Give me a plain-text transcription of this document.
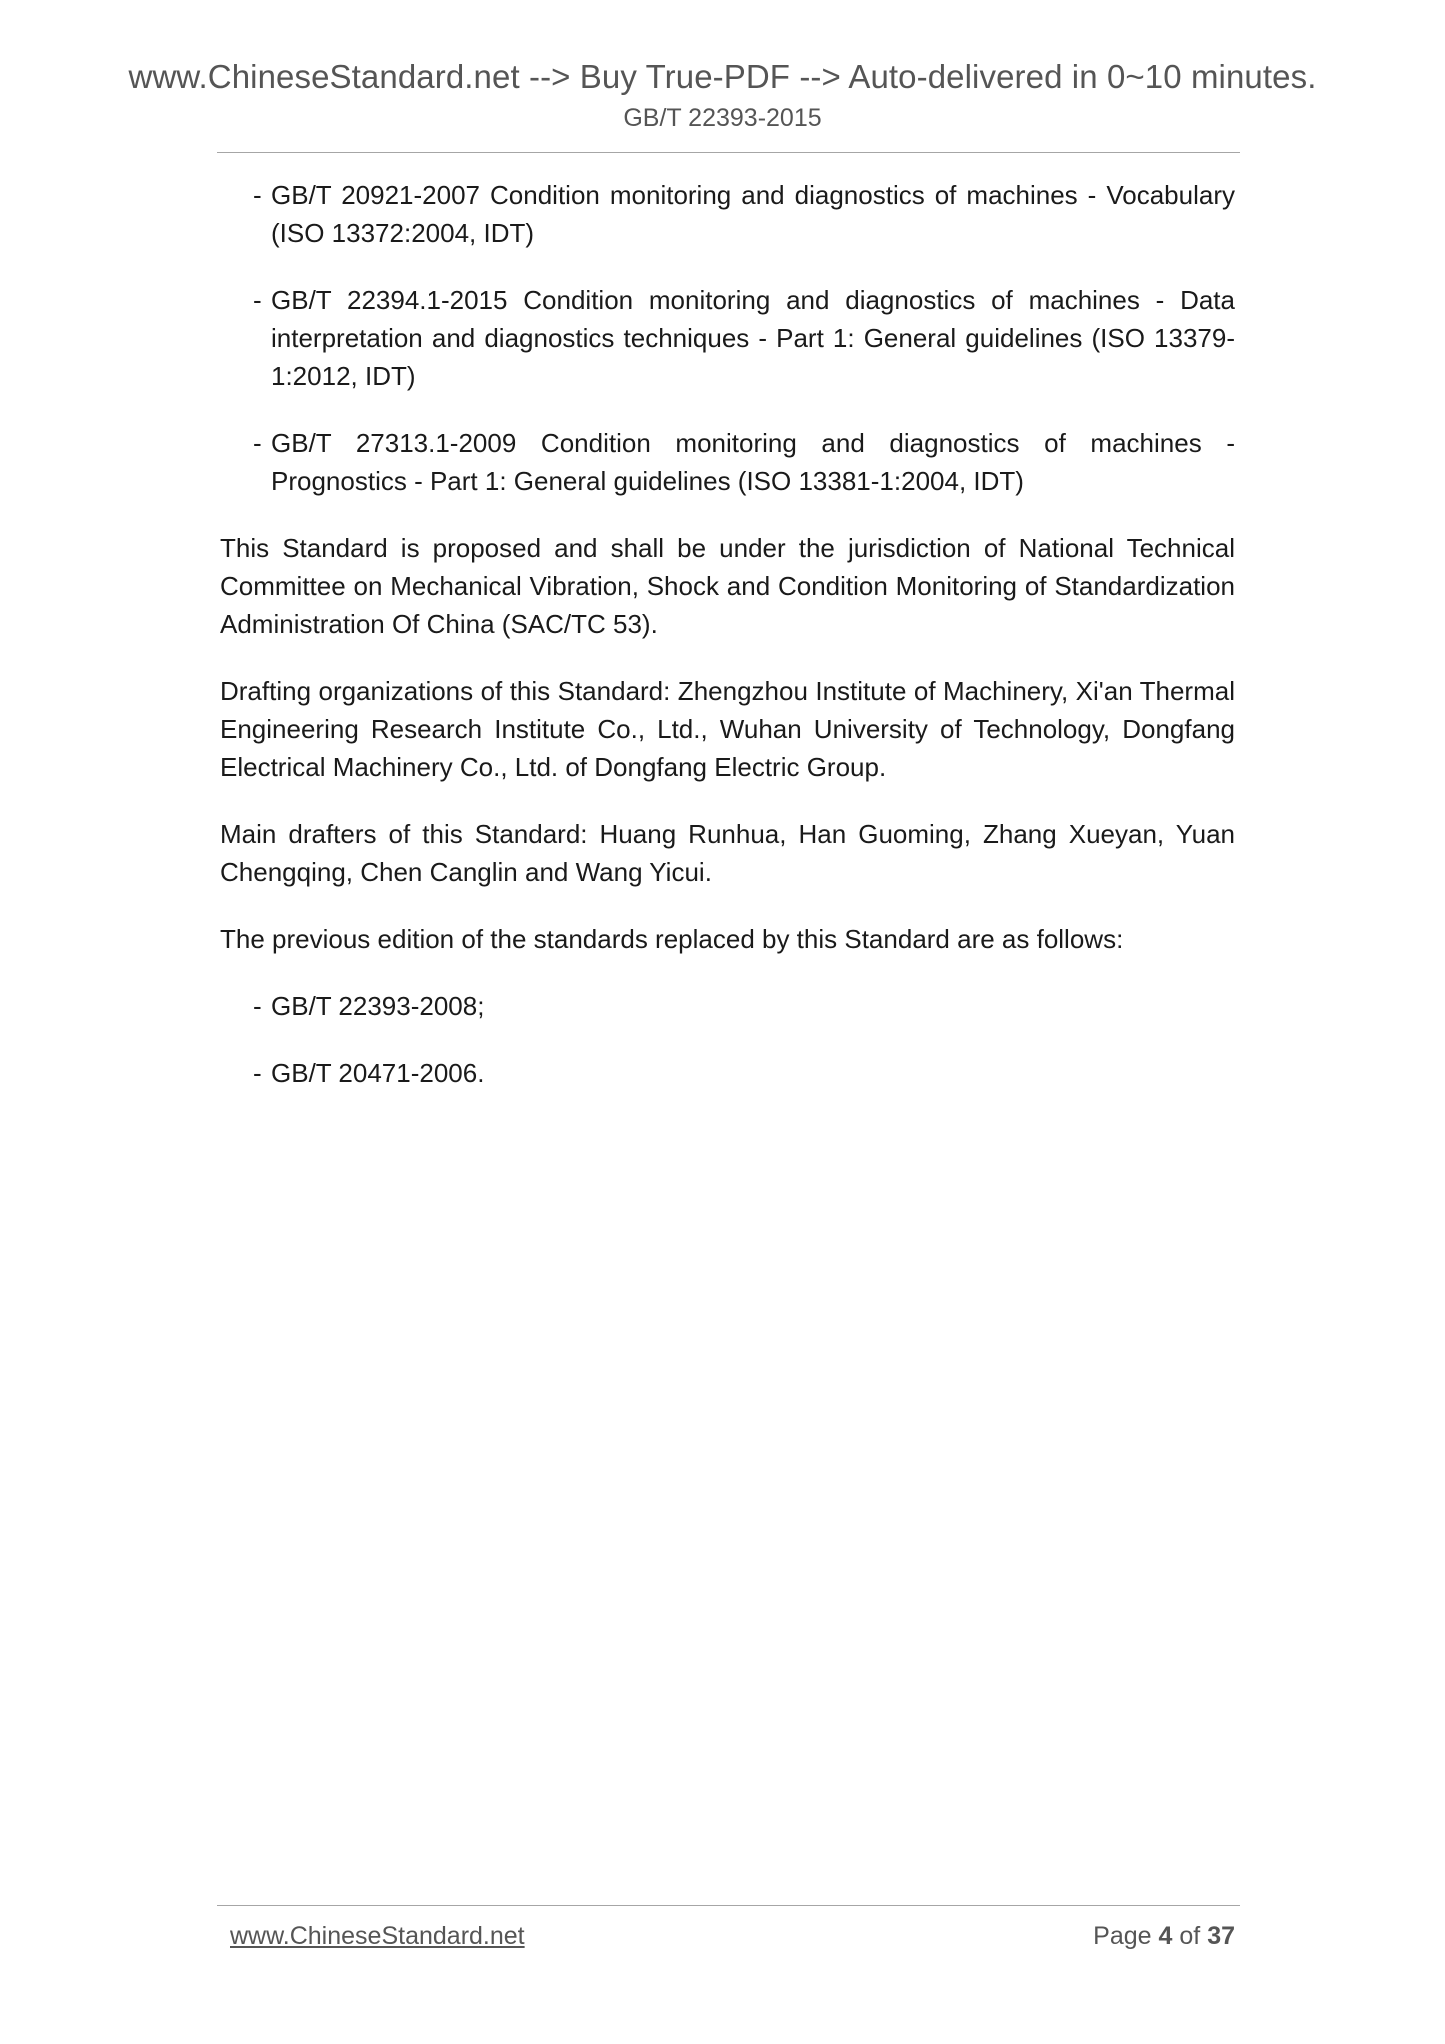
www.ChineseStandard.net --> Buy True-PDF --> Auto-delivered in 0~10 minutes.
GB/T 22393-2015
- GB/T 20921-2007 Condition monitoring and diagnostics of machines - Vocabulary (ISO 13372:2004, IDT)
- GB/T 22394.1-2015 Condition monitoring and diagnostics of machines - Data interpretation and diagnostics techniques - Part 1: General guidelines (ISO 13379-1:2012, IDT)
- GB/T 27313.1-2009 Condition monitoring and diagnostics of machines - Prognostics - Part 1: General guidelines (ISO 13381-1:2004, IDT)

This Standard is proposed and shall be under the jurisdiction of National Technical Committee on Mechanical Vibration, Shock and Condition Monitoring of Standardization Administration Of China (SAC/TC 53).

Drafting organizations of this Standard: Zhengzhou Institute of Machinery, Xi'an Thermal Engineering Research Institute Co., Ltd., Wuhan University of Technology, Dongfang Electrical Machinery Co., Ltd. of Dongfang Electric Group.

Main drafters of this Standard: Huang Runhua, Han Guoming, Zhang Xueyan, Yuan Chengqing, Chen Canglin and Wang Yicui.

The previous edition of the standards replaced by this Standard are as follows:

- GB/T 22393-2008;
- GB/T 20471-2006.
www.ChineseStandard.net	Page 4 of 37
